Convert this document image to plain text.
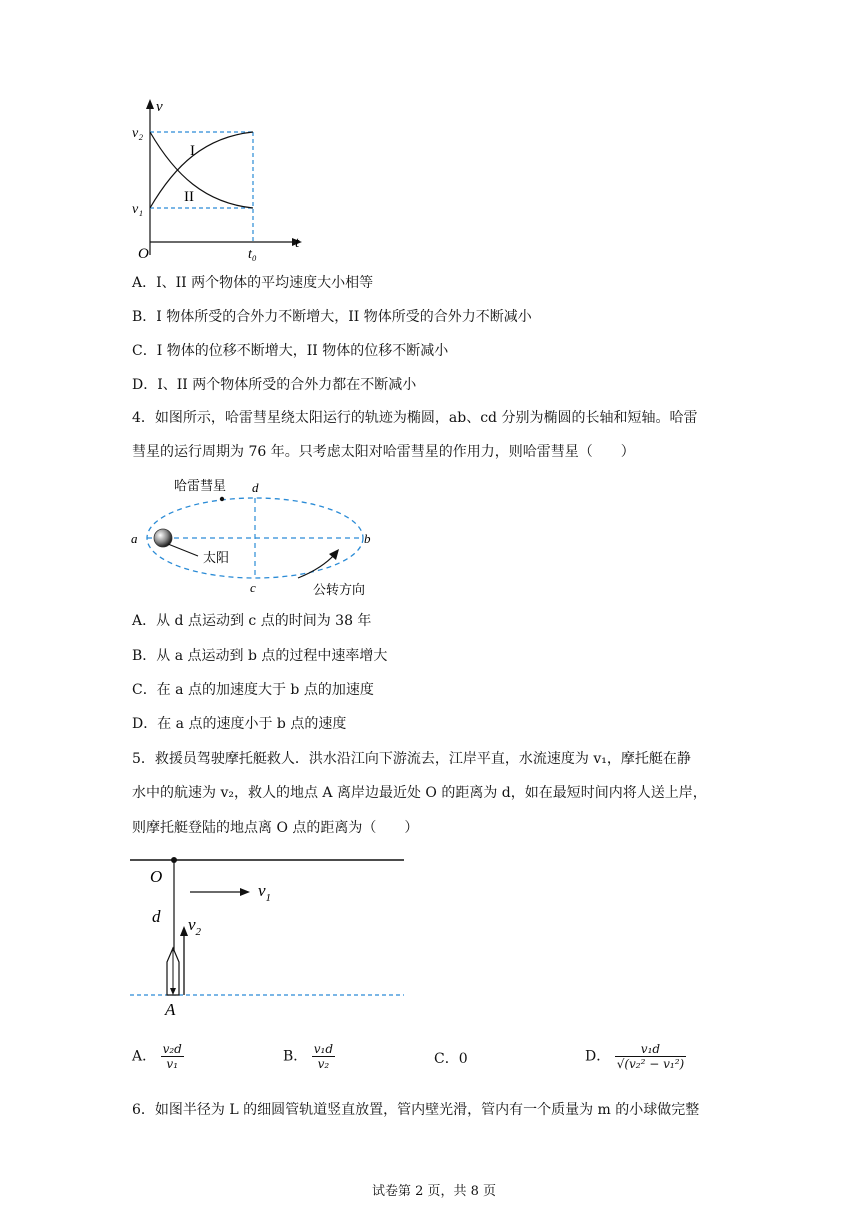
v
v₂
v₁
O
t
t₀
I
II
A．I、II 两个物体的平均速度大小相等
B．I 物体所受的合外力不断增大，II 物体所受的合外力不断减小
C．I 物体的位移不断增大，II 物体的位移不断减小
D．I、II 两个物体所受的合外力都在不断减小
4．如图所示，哈雷彗星绕太阳运行的轨迹为椭圆，ab、cd 分别为椭圆的长轴和短轴。哈雷
彗星的运行周期为 76 年。只考虑太阳对哈雷彗星的作用力，则哈雷彗星（　　）
哈雷彗星
太阳
公转方向
a	b
c
d
A．从 d 点运动到 c 点的时间为 38 年
B．从 a 点运动到 b 点的过程中速率增大
C．在 a 点的加速度大于 b 点的加速度
D．在 a 点的速度小于 b 点的速度
5．救援员驾驶摩托艇救人．洪水沿江向下游流去，江岸平直，水流速度为 v₁，摩托艇在静
水中的航速为 v₂，救人的地点 A 离岸边最近处 O 的距离为 d，如在最短时间内将人送上岸，
则摩托艇登陆的地点离 O 点的距离为（　　）
O
$v_1$
d $v_2$
A
A． $\frac{\text{v₂d}}{\text{v₁}}$	B． $\frac{\text{v₁d}}{\text{v₂}}$	C．0	D． $\frac{\text{v₁d}}{\text{√(v₂² − v₁²)}}$
6．如图半径为 L 的细圆管轨道竖直放置，管内壁光滑，管内有一个质量为 m 的小球做完整
试卷第 2 页，共 8 页
